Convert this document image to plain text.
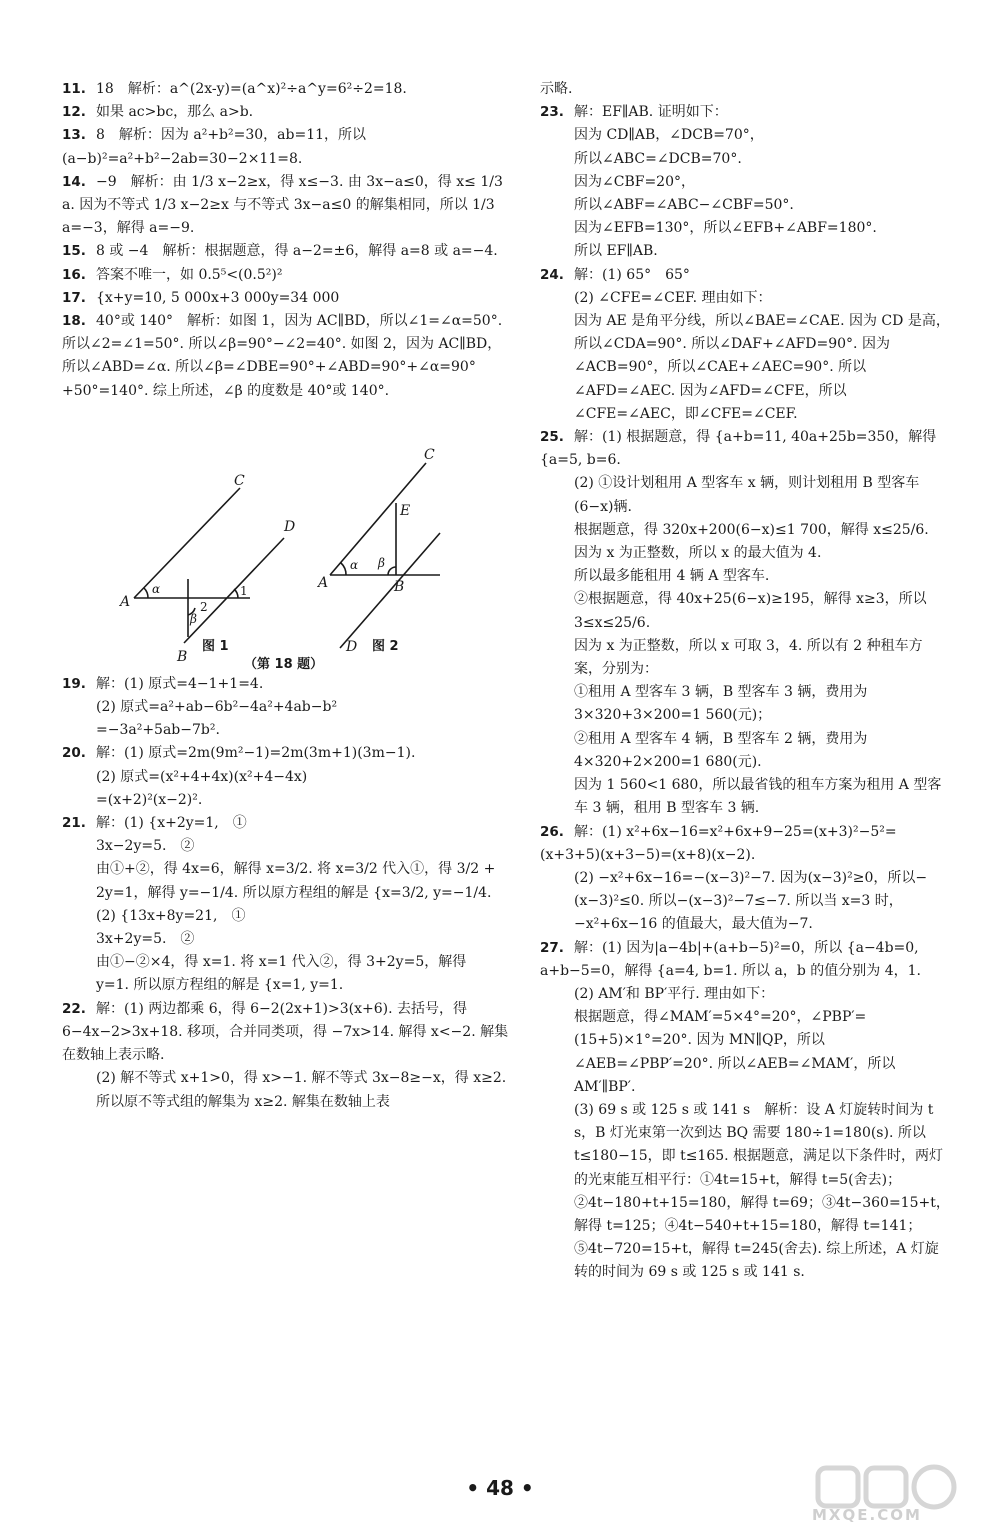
11. 18　解析：a^(2x-y)=(a^x)²÷a^y=6²÷2=18.
12. 如果 ac>bc，那么 a>b.
13. 8　解析：因为 a²+b²=30，ab=11，所以(a−b)²=a²+b²−2ab=30−2×11=8.
14. −9　解析：由 1/3 x−2≥x，得 x≤−3. 由 3x−a≤0，得 x≤ 1/3 a. 因为不等式 1/3 x−2≥x 与不等式 3x−a≤0 的解集相同，所以 1/3 a=−3，解得 a=−9.
15. 8 或 −4　解析：根据题意，得 a−2=±6，解得 a=8 或 a=−4.
16. 答案不唯一，如 0.5⁵<(0.5²)²
17. {x+y=10, 5 000x+3 000y=34 000
18. 40°或 140°　解析：如图 1，因为 AC∥BD，所以∠1=∠α=50°. 所以∠2=∠1=50°. 所以∠β=90°−∠2=40°. 如图 2，因为 AC∥BD，所以∠ABD=∠α. 所以∠β=∠DBE=90°+∠ABD=90°+∠α=90°+50°=140°. 综上所述，∠β 的度数是 40°或 140°.
C
D
A
B
α	1
2
β
C
E
A	B
D
α β
图 1	图 2
（第 18 题）
19. 解：(1) 原式=4−1+1=4.
(2) 原式=a²+ab−6b²−4a²+4ab−b²
=−3a²+5ab−7b².
20. 解：(1) 原式=2m(9m²−1)=2m(3m+1)(3m−1).
(2) 原式=(x²+4+4x)(x²+4−4x)
=(x+2)²(x−2)².
21. 解：(1) {x+2y=1,　①
3x−2y=5.　②
由①+②，得 4x=6，解得 x=3/2. 将 x=3/2 代入①，得 3/2 +
2y=1，解得 y=−1/4. 所以原方程组的解是 {x=3/2, y=−1/4.
(2) {13x+8y=21,　①
3x+2y=5.　②
由①−②×4，得 x=1. 将 x=1 代入②，得 3+2y=5，解得
y=1. 所以原方程组的解是 {x=1, y=1.
22. 解：(1) 两边都乘 6，得 6−2(2x+1)>3(x+6). 去括号，得 6−4x−2>3x+18. 移项，合并同类项，得 −7x>14. 解得 x<−2. 解集在数轴上表示略.
(2) 解不等式 x+1>0，得 x>−1. 解不等式 3x−8≥−x，得 x≥2. 所以原不等式组的解集为 x≥2. 解集在数轴上表
示略.
23. 解：EF∥AB. 证明如下：
因为 CD∥AB，∠DCB=70°，
所以∠ABC=∠DCB=70°.
因为∠CBF=20°，
所以∠ABF=∠ABC−∠CBF=50°.
因为∠EFB=130°，所以∠EFB+∠ABF=180°.
所以 EF∥AB.
24. 解：(1) 65°　65°
(2) ∠CFE=∠CEF. 理由如下：
因为 AE 是角平分线，所以∠BAE=∠CAE. 因为 CD 是高，所以∠CDA=90°. 所以∠DAF+∠AFD=90°. 因为∠ACB=90°，所以∠CAE+∠AEC=90°. 所以∠AFD=∠AEC. 因为∠AFD=∠CFE，所以∠CFE=∠AEC，即∠CFE=∠CEF.
25. 解：(1) 根据题意，得 {a+b=11, 40a+25b=350，解得 {a=5, b=6.
(2) ①设计划租用 A 型客车 x 辆，则计划租用 B 型客车(6−x)辆.
根据题意，得 320x+200(6−x)≤1 700，解得 x≤25/6.
因为 x 为正整数，所以 x 的最大值为 4.
所以最多能租用 4 辆 A 型客车.
②根据题意，得 40x+25(6−x)≥195，解得 x≥3，所以 3≤x≤25/6.
因为 x 为正整数，所以 x 可取 3，4. 所以有 2 种租车方案，分别为：
①租用 A 型客车 3 辆，B 型客车 3 辆，费用为 3×320+3×200=1 560(元)；
②租用 A 型客车 4 辆，B 型客车 2 辆，费用为 4×320+2×200=1 680(元).
因为 1 560<1 680，所以最省钱的租车方案为租用 A 型客车 3 辆，租用 B 型客车 3 辆.
26. 解：(1) x²+6x−16=x²+6x+9−25=(x+3)²−5²=(x+3+5)(x+3−5)=(x+8)(x−2).
(2) −x²+6x−16=−(x−3)²−7. 因为(x−3)²≥0，所以−(x−3)²≤0. 所以−(x−3)²−7≤−7. 所以当 x=3 时，−x²+6x−16 的值最大，最大值为−7.
27. 解：(1) 因为|a−4b|+(a+b−5)²=0，所以 {a−4b=0, a+b−5=0，解得 {a=4, b=1. 所以 a，b 的值分别为 4，1.
(2) AM′和 BP′平行. 理由如下：
根据题意，得∠MAM′=5×4°=20°，∠PBP′=(15+5)×1°=20°. 因为 MN∥QP，所以∠AEB=∠PBP′=20°. 所以∠AEB=∠MAM′，所以 AM′∥BP′.
(3) 69 s 或 125 s 或 141 s　解析：设 A 灯旋转时间为 t s，B 灯光束第一次到达 BQ 需要 180÷1=180(s). 所以 t≤180−15，即 t≤165. 根据题意，满足以下条件时，两灯的光束能互相平行：①4t=15+t，解得 t=5(舍去)；②4t−180+t+15=180，解得 t=69；③4t−360=15+t，解得 t=125；④4t−540+t+15=180，解得 t=141；⑤4t−720=15+t，解得 t=245(舍去). 综上所述，A 灯旋转的时间为 69 s 或 125 s 或 141 s.
• 48 •
MXQE.COM
